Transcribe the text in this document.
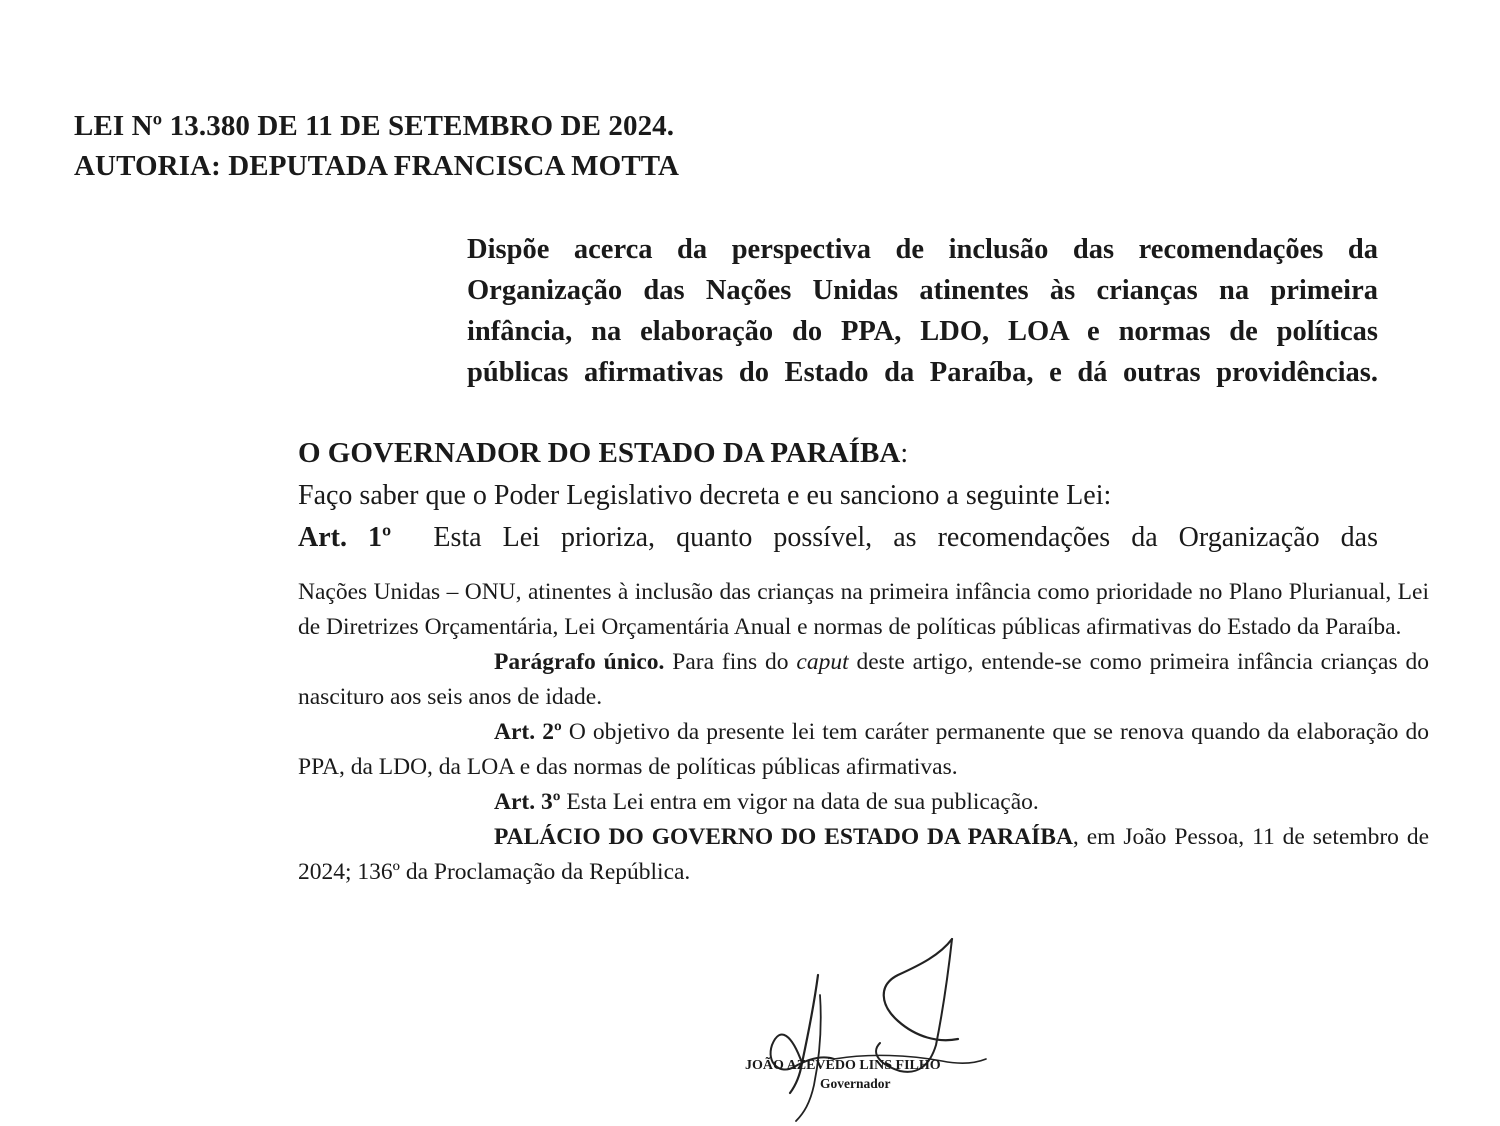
LEI Nº 13.380 DE 11 DE SETEMBRO DE 2024.
AUTORIA: DEPUTADA FRANCISCA MOTTA
Dispõe acerca da perspectiva de inclusão das recomendações da
Organização das Nações Unidas atinentes às crianças na primeira
infância, na elaboração do PPA, LDO, LOA e normas de políticas
públicas afirmativas do Estado da Paraíba, e dá outras providências.
O GOVERNADOR DO ESTADO DA PARAÍBA:
Faço saber que o Poder Legislativo decreta e eu sanciono a seguinte Lei:
Art. 1º Esta Lei prioriza, quanto possível, as recomendações da Organização das

Nações Unidas – ONU, atinentes à inclusão das crianças na primeira infância como prioridade no Plano Plurianual, Lei de Diretrizes Orçamentária, Lei Orçamentária Anual e normas de políticas públicas afirmativas do Estado da Paraíba.

Parágrafo único. Para fins do caput deste artigo, entende-se como primeira infância crianças do nascituro aos seis anos de idade.

Art. 2º O objetivo da presente lei tem caráter permanente que se renova quando da elaboração do PPA, da LDO, da LOA e das normas de políticas públicas afirmativas.

Art. 3º Esta Lei entra em vigor na data de sua publicação.

PALÁCIO DO GOVERNO DO ESTADO DA PARAÍBA, em João Pessoa, 11 de setembro de 2024; 136º da Proclamação da República.

JOÃO AZEVÊDO LINS FILHO
Governador
